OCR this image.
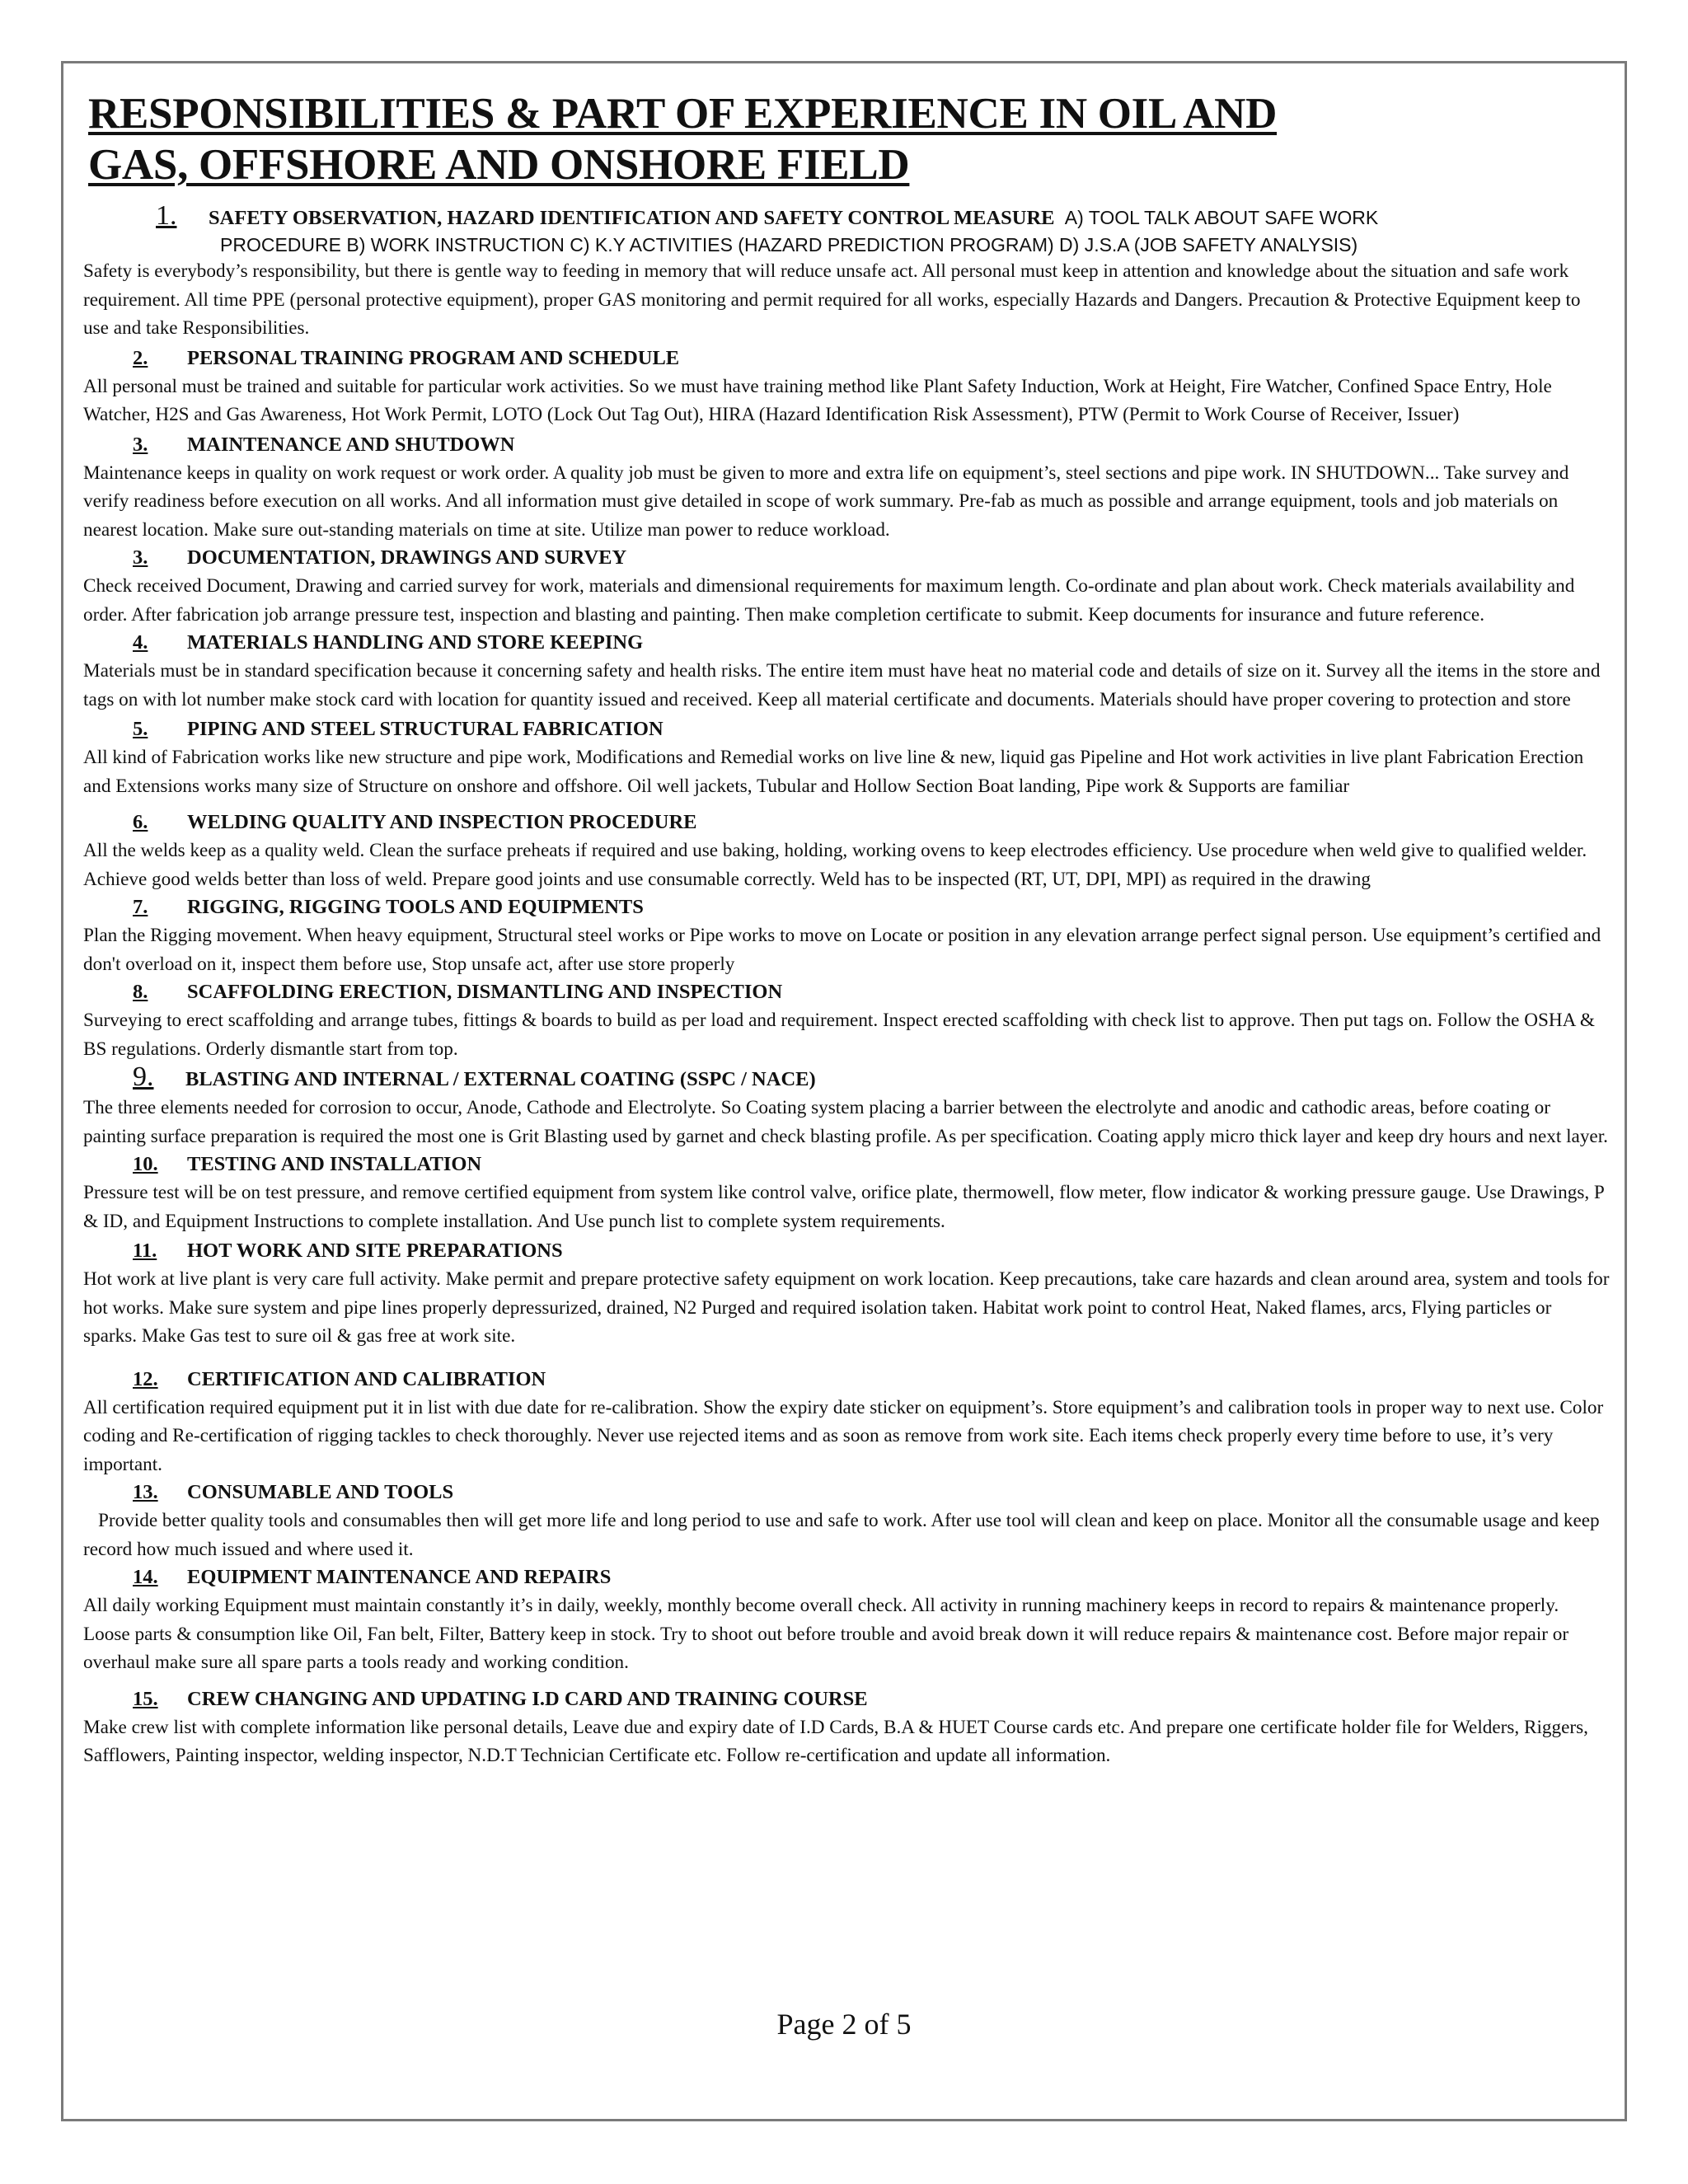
RESPONSIBILITIES & PART OF EXPERIENCE IN OIL AND
GAS, OFFSHORE AND ONSHORE FIELD
1. SAFETY OBSERVATION, HAZARD IDENTIFICATION AND SAFETY CONTROL MEASURE A) TOOL TALK ABOUT SAFE WORK
PROCEDURE B) WORK INSTRUCTION C) K.Y ACTIVITIES (HAZARD PREDICTION PROGRAM) D) J.S.A (JOB SAFETY ANALYSIS)

Safety is everybody’s responsibility, but there is gentle way to feeding in memory that will reduce unsafe act. All personal must keep in attention and knowledge about the situation and safe work requirement. All time PPE (personal protective equipment), proper GAS monitoring and permit required for all works, especially Hazards and Dangers. Precaution & Protective Equipment keep to use and take Responsibilities.

2. PERSONAL TRAINING PROGRAM AND SCHEDULE

All personal must be trained and suitable for particular work activities. So we must have training method like Plant Safety Induction, Work at Height, Fire Watcher, Confined Space Entry, Hole Watcher, H2S and Gas Awareness, Hot Work Permit, LOTO (Lock Out Tag Out), HIRA (Hazard Identification Risk Assessment), PTW (Permit to Work Course of Receiver, Issuer)

3. MAINTENANCE AND SHUTDOWN

Maintenance keeps in quality on work request or work order. A quality job must be given to more and extra life on equipment’s, steel sections and pipe work. IN SHUTDOWN... Take survey and verify readiness before execution on all works. And all information must give detailed in scope of work summary. Pre-fab as much as possible and arrange equipment, tools and job materials on nearest location. Make sure out-standing materials on time at site. Utilize man power to reduce workload.

3. DOCUMENTATION, DRAWINGS AND SURVEY

Check received Document, Drawing and carried survey for work, materials and dimensional requirements for maximum length. Co-ordinate and plan about work. Check materials availability and order. After fabrication job arrange pressure test, inspection and blasting and painting. Then make completion certificate to submit. Keep documents for insurance and future reference.

4. MATERIALS HANDLING AND STORE KEEPING

Materials must be in standard specification because it concerning safety and health risks. The entire item must have heat no material code and details of size on it. Survey all the items in the store and tags on with lot number make stock card with location for quantity issued and received. Keep all material certificate and documents. Materials should have proper covering to protection and store

5. PIPING AND STEEL STRUCTURAL FABRICATION

All kind of Fabrication works like new structure and pipe work, Modifications and Remedial works on live line & new, liquid gas Pipeline and Hot work activities in live plant Fabrication Erection and Extensions works many size of Structure on onshore and offshore. Oil well jackets, Tubular and Hollow Section Boat landing, Pipe work & Supports are familiar

6. WELDING QUALITY AND INSPECTION PROCEDURE

All the welds keep as a quality weld. Clean the surface preheats if required and use baking, holding, working ovens to keep electrodes efficiency. Use procedure when weld give to qualified welder. Achieve good welds better than loss of weld. Prepare good joints and use consumable correctly. Weld has to be inspected (RT, UT, DPI, MPI) as required in the drawing

7. RIGGING, RIGGING TOOLS AND EQUIPMENTS

Plan the Rigging movement. When heavy equipment, Structural steel works or Pipe works to move on Locate or position in any elevation arrange perfect signal person. Use equipment’s certified and don't overload on it, inspect them before use, Stop unsafe act, after use store properly

8. SCAFFOLDING ERECTION, DISMANTLING AND INSPECTION

Surveying to erect scaffolding and arrange tubes, fittings & boards to build as per load and requirement. Inspect erected scaffolding with check list to approve. Then put tags on. Follow the OSHA & BS regulations. Orderly dismantle start from top.

9. BLASTING AND INTERNAL / EXTERNAL COATING (SSPC / NACE)

The three elements needed for corrosion to occur, Anode, Cathode and Electrolyte. So Coating system placing a barrier between the electrolyte and anodic and cathodic areas, before coating or painting surface preparation is required the most one is Grit Blasting used by garnet and check blasting profile. As per specification. Coating apply micro thick layer and keep dry hours and next layer.

10. TESTING AND INSTALLATION

Pressure test will be on test pressure, and remove certified equipment from system like control valve, orifice plate, thermowell, flow meter, flow indicator & working pressure gauge. Use Drawings, P & ID, and Equipment Instructions to complete installation. And Use punch list to complete system requirements.

11. HOT WORK AND SITE PREPARATIONS

Hot work at live plant is very care full activity. Make permit and prepare protective safety equipment on work location. Keep precautions, take care hazards and clean around area, system and tools for hot works. Make sure system and pipe lines properly depressurized, drained, N2 Purged and required isolation taken. Habitat work point to control Heat, Naked flames, arcs, Flying particles or sparks. Make Gas test to sure oil & gas free at work site.

12. CERTIFICATION AND CALIBRATION

All certification required equipment put it in list with due date for re-calibration. Show the expiry date sticker on equipment’s. Store equipment’s and calibration tools in proper way to next use. Color coding and Re-certification of rigging tackles to check thoroughly. Never use rejected items and as soon as remove from work site. Each items check properly every time before to use, it’s very important.

13. CONSUMABLE AND TOOLS

Provide better quality tools and consumables then will get more life and long period to use and safe to work. After use tool will clean and keep on place. Monitor all the consumable usage and keep record how much issued and where used it.

14. EQUIPMENT MAINTENANCE AND REPAIRS

All daily working Equipment must maintain constantly it’s in daily, weekly, monthly become overall check. All activity in running machinery keeps in record to repairs & maintenance properly. Loose parts & consumption like Oil, Fan belt, Filter, Battery keep in stock. Try to shoot out before trouble and avoid break down it will reduce repairs & maintenance cost. Before major repair or overhaul make sure all spare parts a tools ready and working condition.

15. CREW CHANGING AND UPDATING I.D CARD AND TRAINING COURSE

Make crew list with complete information like personal details, Leave due and expiry date of I.D Cards, B.A & HUET Course cards etc. And prepare one certificate holder file for Welders, Riggers, Safflowers, Painting inspector, welding inspector, N.D.T Technician Certificate etc. Follow re-certification and update all information.

Page 2 of 5
